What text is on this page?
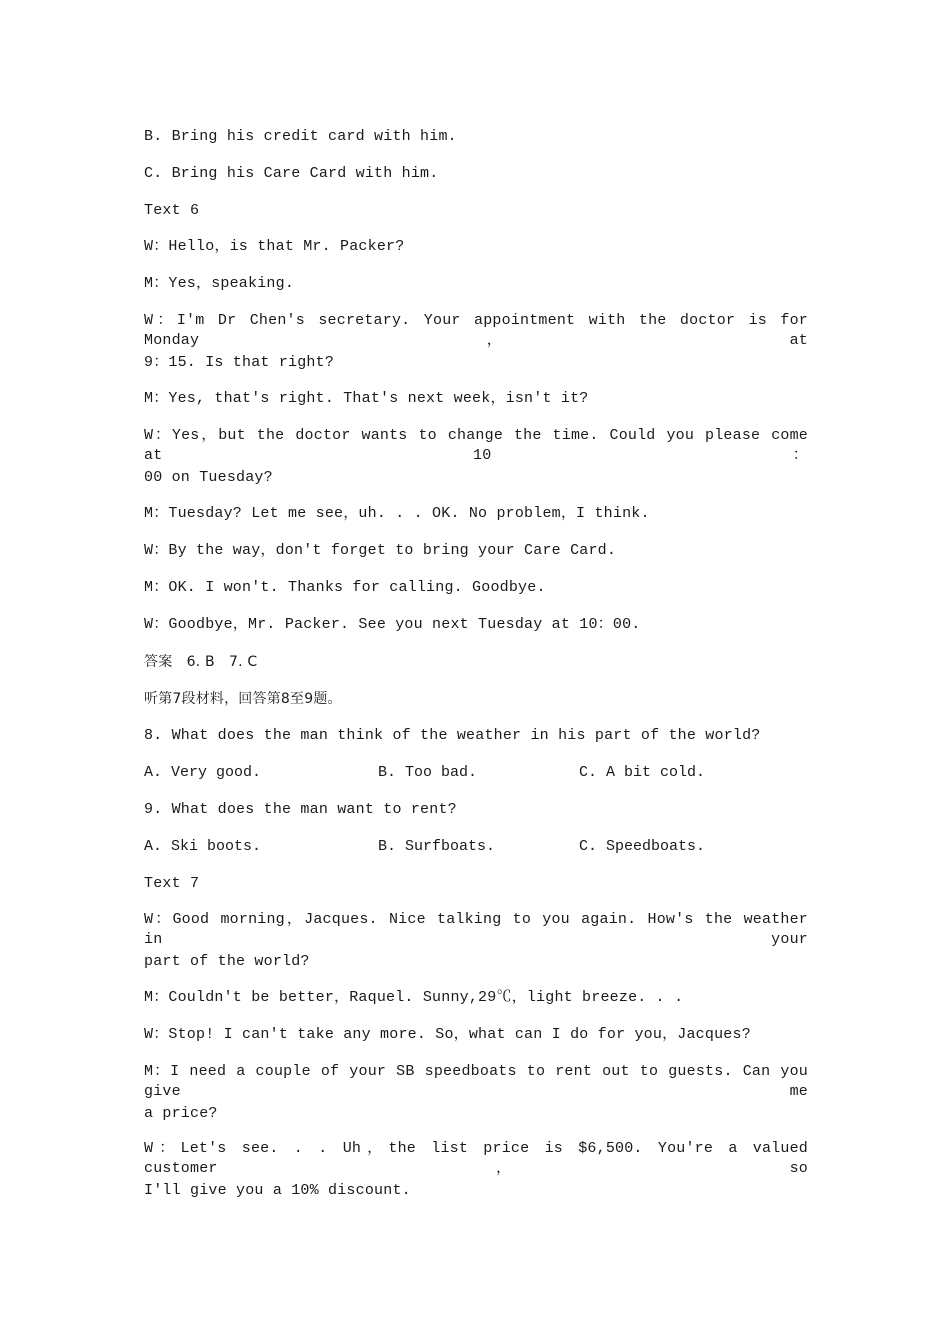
B. Bring his credit card with him.
C. Bring his Care Card with him.
Text 6
W：Hello，is that Mr. Packer?
M：Yes，speaking.
W：I'm Dr Chen's secretary. Your appointment with the doctor is for Monday，at
9：15. Is that right?
M：Yes, that's right. That's next week，isn't it?
W：Yes，but the doctor wants to change the time. Could you please come at 10：
00 on Tuesday?
M：Tuesday? Let me see，uh. . . OK. No problem，I think.
W：By the way，don't forget to bring your Care Card.
M：OK. I won't. Thanks for calling. Goodbye.
W：Goodbye，Mr. Packer. See you next Tuesday at 10：00.
答案　6. B　7. C
听第7段材料，回答第8至9题。
8. What does the man think of the weather in his part of the world?
A. Very good.	B. Too bad.	C. A bit cold.
9. What does the man want to rent?
A. Ski boots.	B. Surfboats.	C. Speedboats.
Text 7
W：Good morning，Jacques. Nice talking to you again. How's the weather in your
part of the world?
M：Couldn't be better，Raquel. Sunny,29℃，light breeze. . .
W：Stop! I can't take any more. So，what can I do for you，Jacques?
M：I need a couple of your SB speedboats to rent out to guests. Can you give me
a price?
W：Let's see. . . Uh，the list price is $6,500. You're a valued customer，so
I'll give you a 10% discount.
